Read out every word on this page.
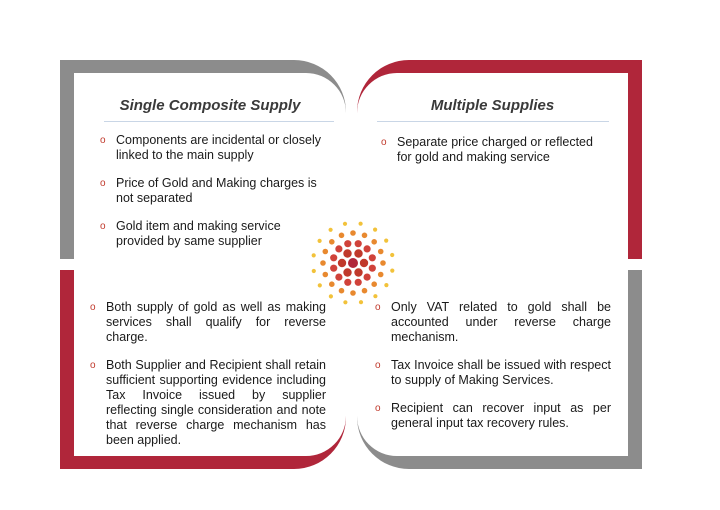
Single Composite Supply
o Components are incidental or closely linked to the main supply
o Price of Gold and Making charges is not separated
o Gold item and making service provided by same supplier
Multiple Supplies
o Separate price charged or reflected for gold and making service
o Both supply of gold as well as making services shall qualify for reverse charge.
o Both Supplier and Recipient shall retain sufficient supporting evidence including Tax Invoice issued by supplier reflecting single consideration and note that reverse charge mechanism has been applied.
o Only VAT related to gold shall be accounted under reverse charge mechanism.
o Tax Invoice shall be issued with respect to supply of Making Services.
o Recipient can recover input as per general input tax recovery rules.
